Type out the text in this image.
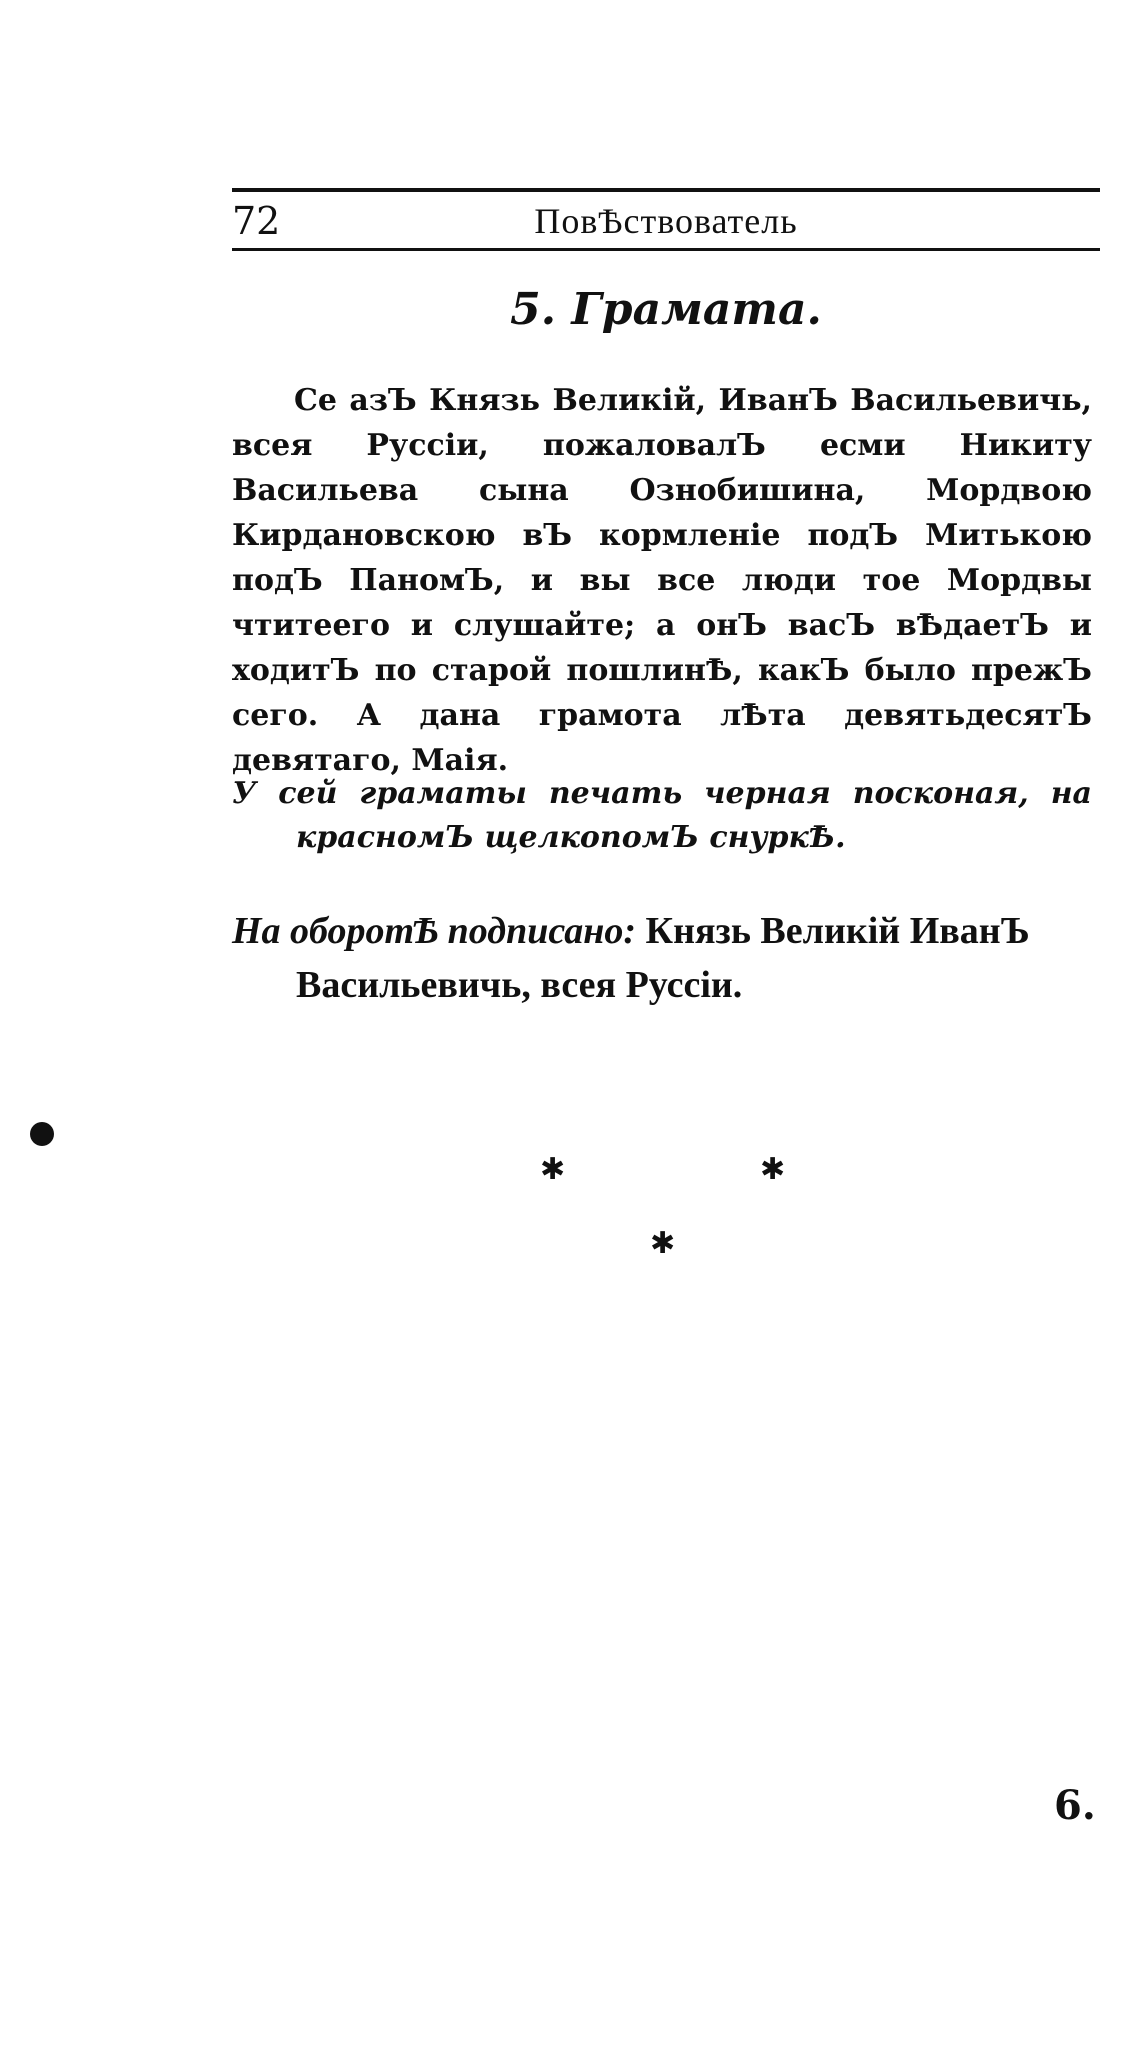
72	ПовѢствователь
5. Грамата.

Се азЪ Князь Великій, ИванЪ Васильевичь, всея Руссіи, пожаловалЪ есми Никиту Васильева сына Ознобишина, Мордвою Кирдановскою вЪ кормленіе подЪ Митькою подЪ ПаномЪ, и вы все люди тое Мордвы чтитеего и слушайте; а онЪ васЪ вѢдаетЪ и ходитЪ по старой пошлинѢ, какЪ было прежЪ сего. А дана грамота лѢта девятьдесятЪ девятаго, Маія.

У сей граматы печать черная посконая, на красномЪ щелкопомЪ снуркѢ.

На оборотѢ подписано: Князь Великій ИванЪ Васильевичь, всея Руссіи.

✱	✱
✱
6.
